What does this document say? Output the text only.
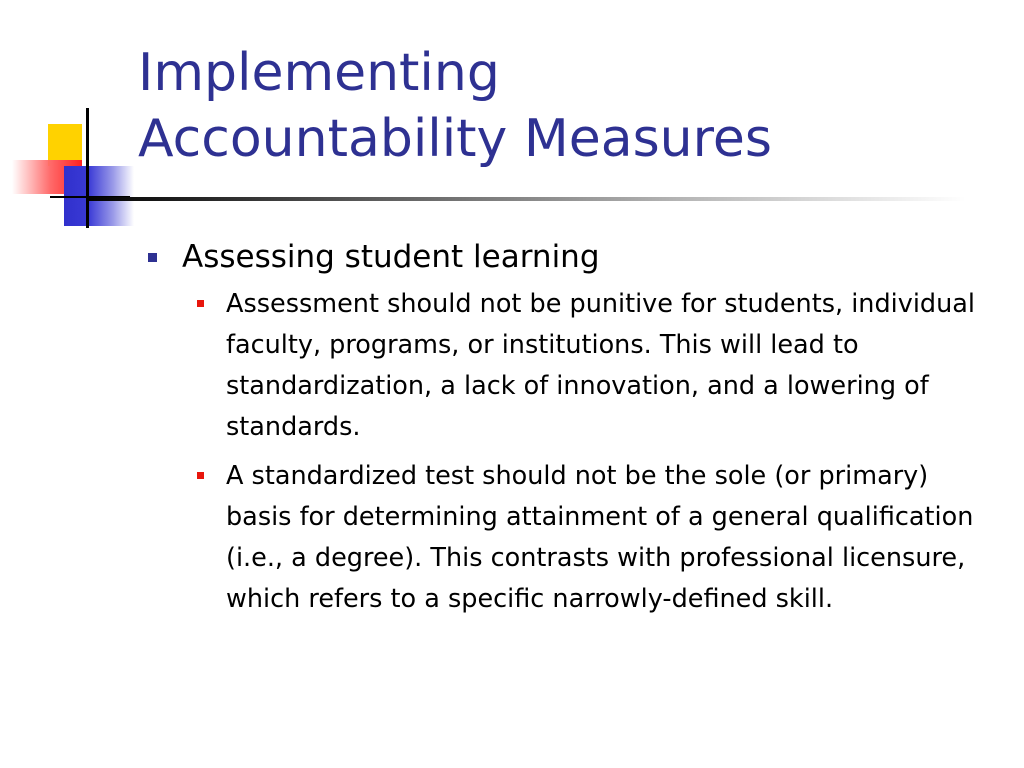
Implementing
Accountability Measures
Assessing student learning
Assessment should not be punitive for students, individual faculty, programs, or institutions. This will lead to standardization, a lack of innovation, and a lowering of standards.
A standardized test should not be the sole (or primary) basis for determining attainment of a general qualification (i.e., a degree). This contrasts with professional licensure, which refers to a specific narrowly-defined skill.
